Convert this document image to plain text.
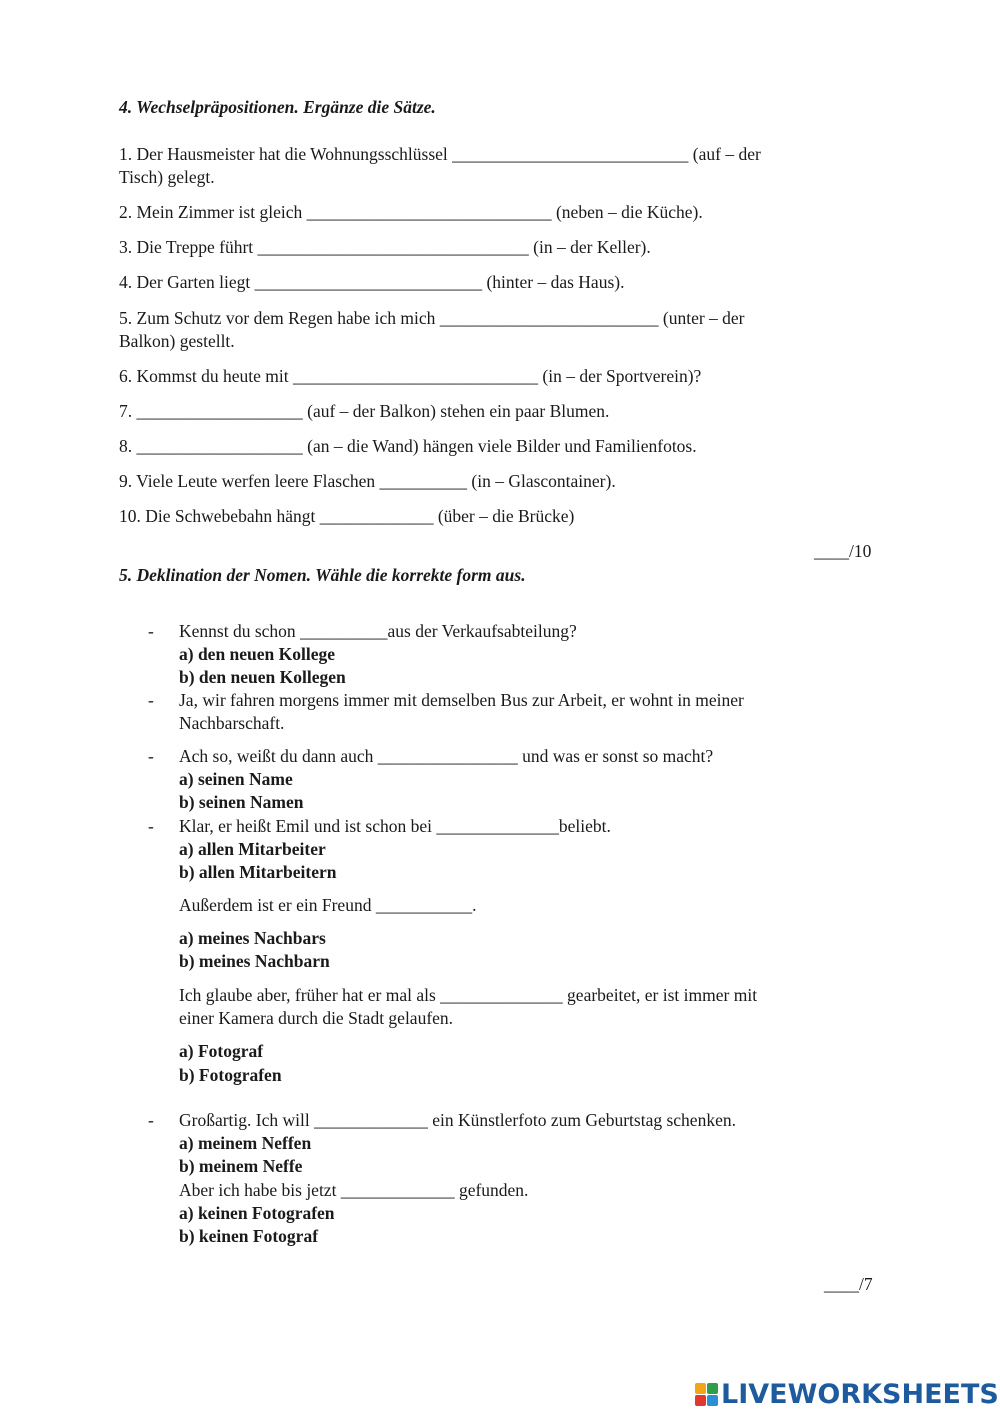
4. Wechselpräpositionen. Ergänze die Sätze.
1. Der Hausmeister hat die Wohnungsschlüssel ___________________________ (auf – der
Tisch) gelegt.
2. Mein Zimmer ist gleich ____________________________ (neben – die Küche).
3. Die Treppe führt _______________________________ (in – der Keller).
4. Der Garten liegt __________________________ (hinter – das Haus).
5. Zum Schutz vor dem Regen habe ich mich _________________________ (unter – der
Balkon) gestellt.
6. Kommst du heute mit ____________________________ (in – der Sportverein)?
7. ___________________ (auf – der Balkon) stehen ein paar Blumen.
8. ___________________ (an – die Wand) hängen viele Bilder und Familienfotos.
9. Viele Leute werfen leere Flaschen __________ (in – Glascontainer).
10. Die Schwebebahn hängt _____________ (über – die Brücke)
____/10
5. Deklination der Nomen. Wähle die korrekte form aus.
- Kennst du schon __________aus der Verkaufsabteilung?
a) den neuen Kollege
b) den neuen Kollegen
- Ja, wir fahren morgens immer mit demselben Bus zur Arbeit, er wohnt in meiner
Nachbarschaft.
- Ach so, weißt du dann auch ________________ und was er sonst so macht?
a) seinen Name
b) seinen Namen
- Klar, er heißt Emil und ist schon bei ______________beliebt.
a) allen Mitarbeiter
b) allen Mitarbeitern
Außerdem ist er ein Freund ___________.
a) meines Nachbars
b) meines Nachbarn
Ich glaube aber, früher hat er mal als ______________ gearbeitet, er ist immer mit
einer Kamera durch die Stadt gelaufen.
a) Fotograf
b) Fotografen
- Großartig. Ich will _____________ ein Künstlerfoto zum Geburtstag schenken.
a) meinem Neffen
b) meinem Neffe
Aber ich habe bis jetzt _____________ gefunden.
a) keinen Fotografen
b) keinen Fotograf
____/7
LIVEWORKSHEETS
